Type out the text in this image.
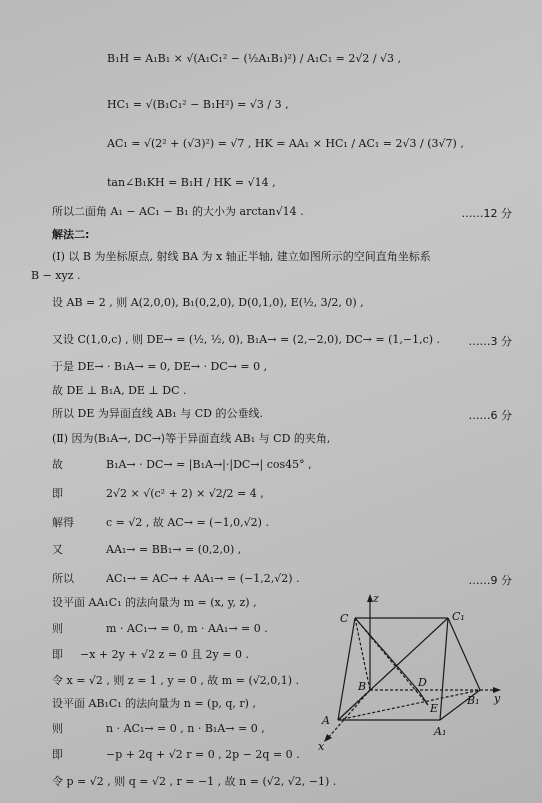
B₁H = A₁B₁ × √(A₁C₁² − (½A₁B₁)²) / A₁C₁ = 2√2 / √3 ,
HC₁ = √(B₁C₁² − B₁H²) = √3 / 3 ,
AC₁ = √(2² + (√3)²) = √7 , HK = AA₁ × HC₁ / AC₁ = 2√3 / (3√7) ,
tan∠B₁KH = B₁H / HK = √14 ,
所以二面角 A₁ − AC₁ − B₁ 的大小为 arctan√14 .	……12 分
解法二:
(Ⅰ) 以 B 为坐标原点, 射线 BA 为 x 轴正半轴, 建立如图所示的空间直角坐标系
B − xyz .
设 AB = 2 , 则 A(2,0,0), B₁(0,2,0), D(0,1,0), E(½, 3/2, 0) ,
又设 C(1,0,c) , 则 DE→ = (½, ½, 0), B₁A→ = (2,−2,0), DC→ = (1,−1,c) .	……3 分
于是 DE→ · B₁A→ = 0, DE→ · DC→ = 0 ,
故 DE ⊥ B₁A, DE ⊥ DC .
所以 DE 为异面直线 AB₁ 与 CD 的公垂线.	……6 分
(Ⅱ) 因为⟨B₁A→, DC→⟩等于异面直线 AB₁ 与 CD 的夹角,
故	B₁A→ · DC→ = |B₁A→|·|DC→| cos45° ,
即	2√2 × √(c² + 2) × √2/2 = 4 ,
解得	c = √2 , 故 AC→ = (−1,0,√2) .
又	AA₁→ = BB₁→ = (0,2,0) ,
所以	AC₁→ = AC→ + AA₁→ = (−1,2,√2) .	……9 分
设平面 AA₁C₁ 的法向量为 m = (x, y, z) ,
则	m · AC₁→ = 0, m · AA₁→ = 0 .
即 −x + 2y + √2 z = 0 且 2y = 0 .
令 x = √2 , 则 z = 1 , y = 0 , 故 m = (√2,0,1) .
设平面 AB₁C₁ 的法向量为 n = (p, q, r) ,
则	n · AC₁→ = 0 , n · B₁A→ = 0 ,
即	−p + 2q + √2 r = 0 , 2p − 2q = 0 .
令 p = √2 , 则 q = √2 , r = −1 , 故 n = (√2, √2, −1) .
z
C	C₁
B	D
E
A
B₁ y
A₁
x
